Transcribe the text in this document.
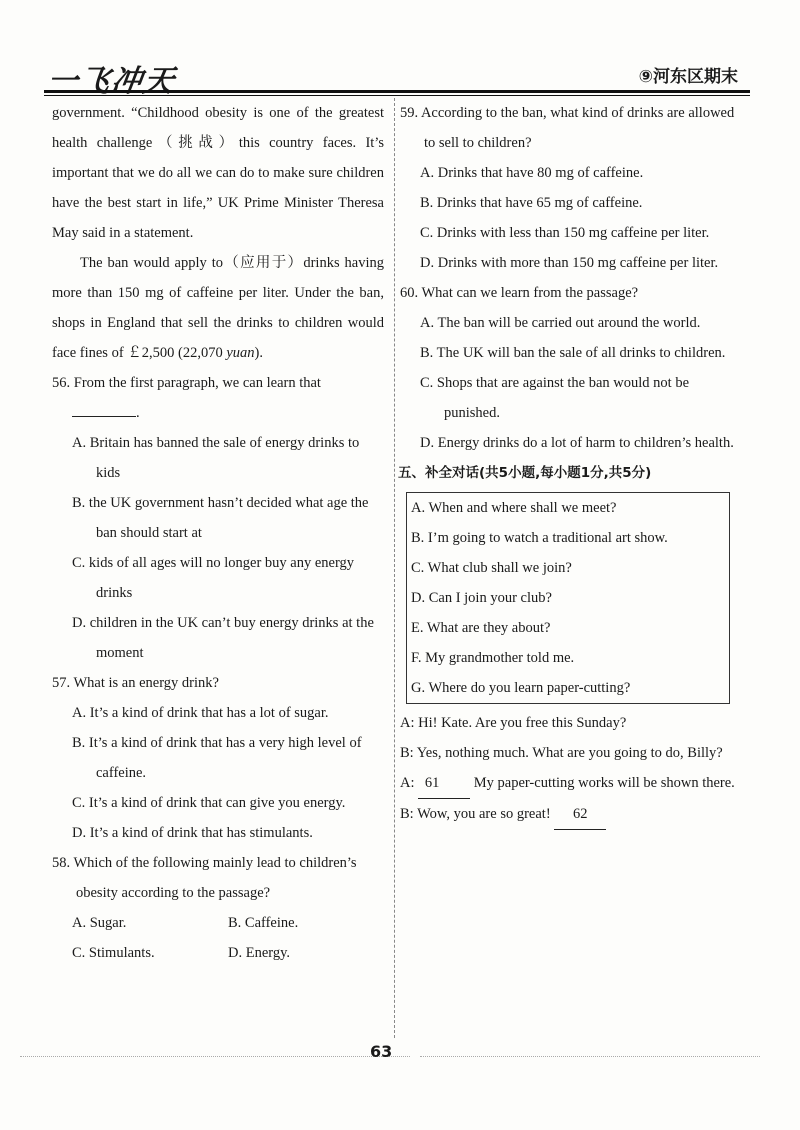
一飞冲天	⑨河东区期末

government. “Childhood obesity is one of the greatest health challenge（挑战）this country faces. It’s important that we do all we can do to make sure children have the best start in life,” UK Prime Minister Theresa May said in a statement.

The ban would apply to（应用于）drinks having more than 150 mg of caffeine per liter. Under the ban, shops in England that sell the drinks to children would face fines of ￡2,500 (22,070 yuan).

56. From the first paragraph, we can learn that

.

A. Britain has banned the sale of energy drinks to kids

B. the UK government hasn’t decided what age the ban should start at

C. kids of all ages will no longer buy any energy drinks

D. children in the UK can’t buy energy drinks at the moment

57. What is an energy drink?

A. It’s a kind of drink that has a lot of sugar.

B. It’s a kind of drink that has a very high level of caffeine.

C. It’s a kind of drink that can give you energy.

D. It’s a kind of drink that has stimulants.

58. Which of the following mainly lead to children’s obesity according to the passage?

A. Sugar.	B. Caffeine.
C. Stimulants.	D. Energy.

59. According to the ban, what kind of drinks are allowed to sell to children?

A. Drinks that have 80 mg of caffeine.

B. Drinks that have 65 mg of caffeine.

C. Drinks with less than 150 mg caffeine per liter.

D. Drinks with more than 150 mg caffeine per liter.

60. What can we learn from the passage?

A. The ban will be carried out around the world.

B. The UK will ban the sale of all drinks to children.

C. Shops that are against the ban would not be punished.

D. Energy drinks do a lot of harm to children’s health.

五、补全对话(共5小题,每小题1分,共5分)

A. When and where shall we meet?
B. I’m going to watch a traditional art show.
C. What club shall we join?
D. Can I join your club?
E. What are they about?
F. My grandmother told me.
G. Where do you learn paper-cutting?

A: Hi! Kate. Are you free this Sunday?

B: Yes, nothing much. What are you going to do, Billy?

A: 61 My paper-cutting works will be shown there.

B: Wow, you are so great! 62

63
